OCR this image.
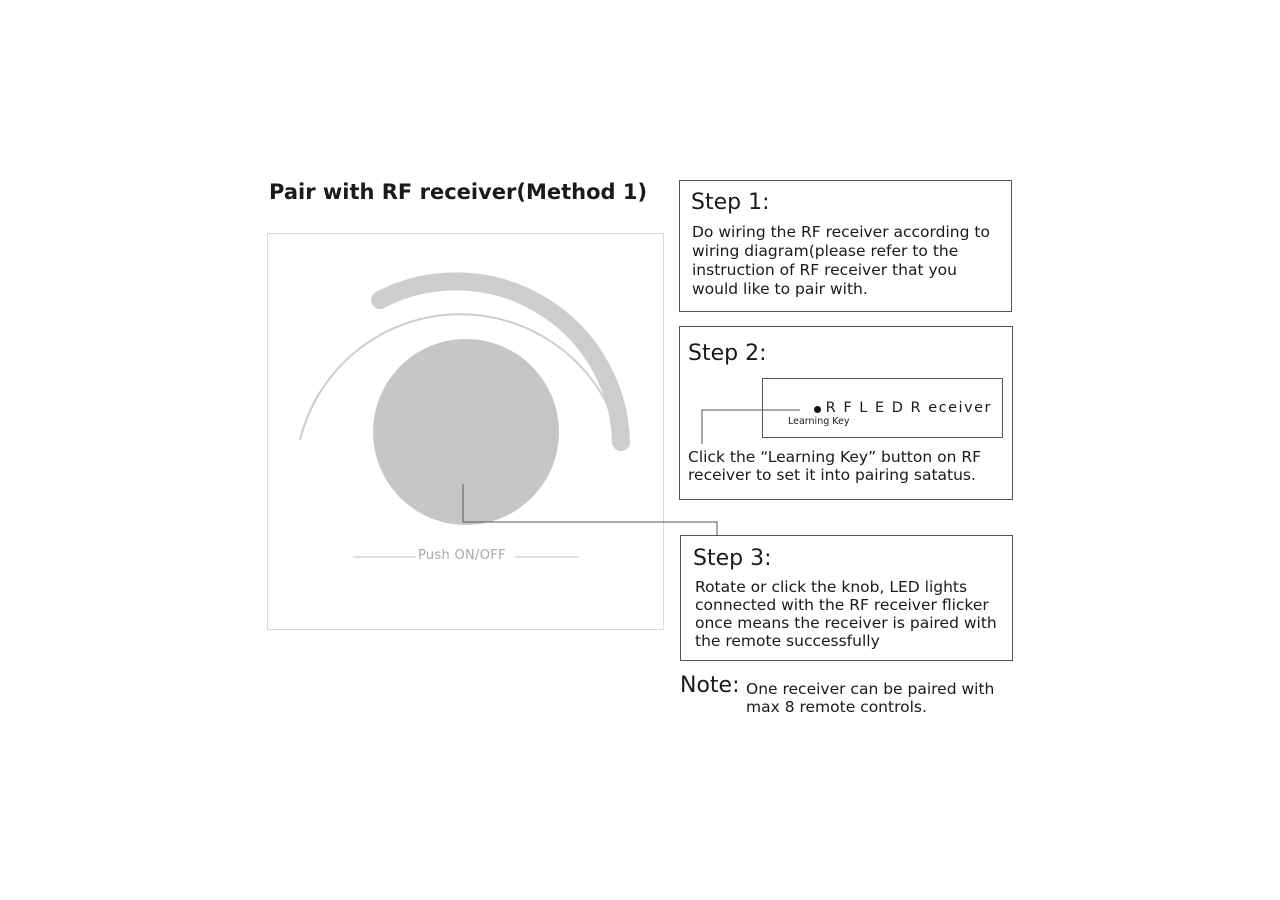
Pair with RF receiver(Method 1)
Push ON/OFF
Step 1:
Do wiring the RF receiver according to wiring diagram(please refer to the instruction of RF receiver that you would like to pair with.
Step 2:
Learning Key
R F L E D R eceiver
Click the “Learning Key” button on RF receiver to set it into pairing satatus.
Step 3:
Rotate or click the knob, LED lights connected with the RF receiver flicker once means the receiver is paired with the remote successfully
Note: One receiver can be paired with max 8 remote controls.
